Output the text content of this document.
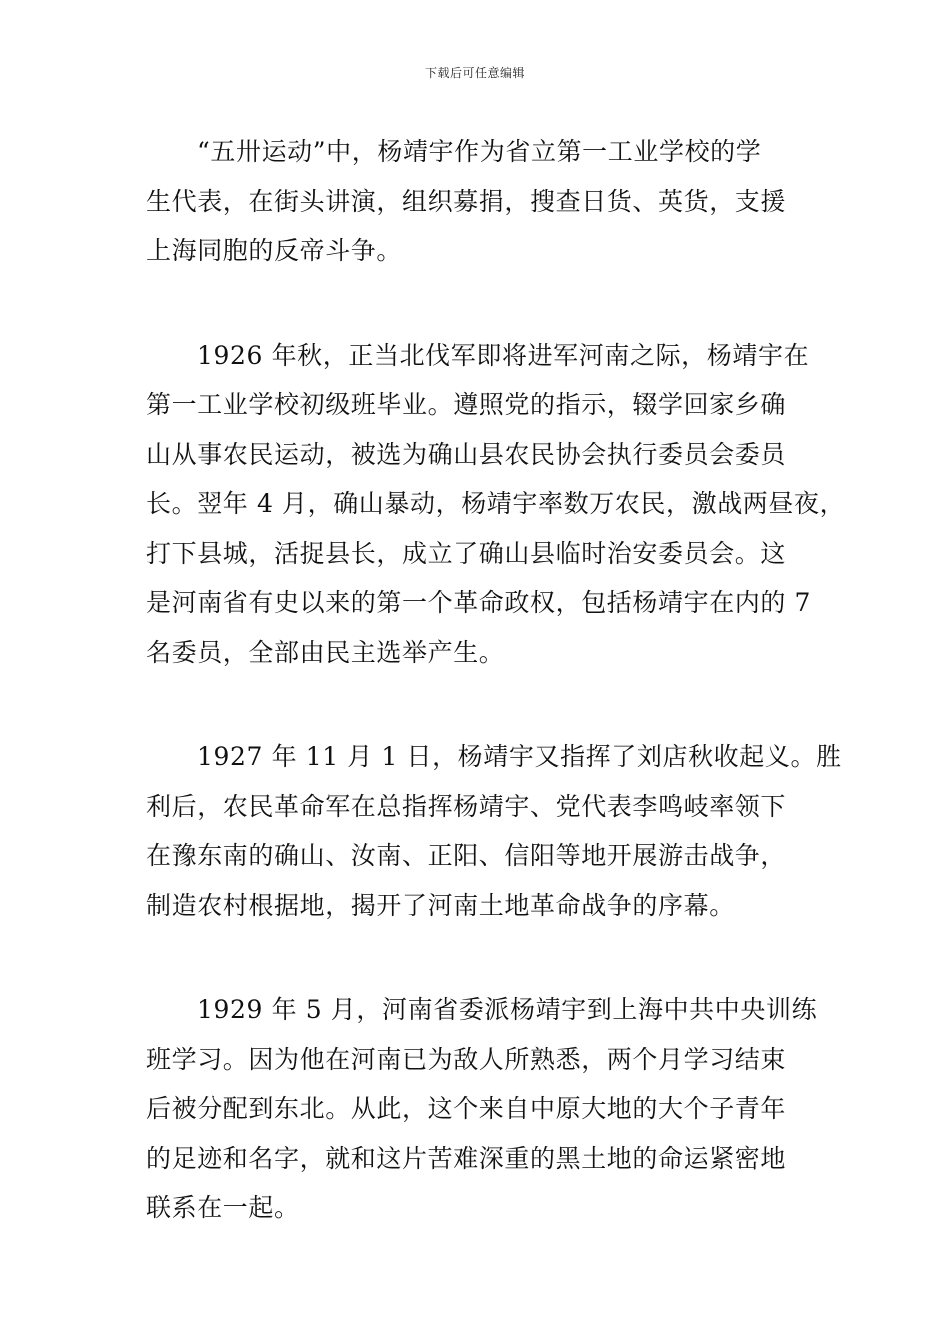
下载后可任意编辑
“五卅运动”中，杨靖宇作为省立第一工业学校的学
生代表，在街头讲演，组织募捐，搜查日货、英货，支援
上海同胞的反帝斗争。
1926 年秋，正当北伐军即将进军河南之际，杨靖宇在
第一工业学校初级班毕业。遵照党的指示，辍学回家乡确
山从事农民运动，被选为确山县农民协会执行委员会委员
长。翌年 4 月，确山暴动，杨靖宇率数万农民，激战两昼夜，
打下县城，活捉县长，成立了确山县临时治安委员会。这
是河南省有史以来的第一个革命政权，包括杨靖宇在内的 7
名委员，全部由民主选举产生。
1927 年 11 月 1 日，杨靖宇又指挥了刘店秋收起义。胜
利后，农民革命军在总指挥杨靖宇、党代表李鸣岐率领下
在豫东南的确山、汝南、正阳、信阳等地开展游击战争，
制造农村根据地，揭开了河南土地革命战争的序幕。
1929 年 5 月，河南省委派杨靖宇到上海中共中央训练
班学习。因为他在河南已为敌人所熟悉，两个月学习结束
后被分配到东北。从此，这个来自中原大地的大个子青年
的足迹和名字，就和这片苦难深重的黑土地的命运紧密地
联系在一起。
